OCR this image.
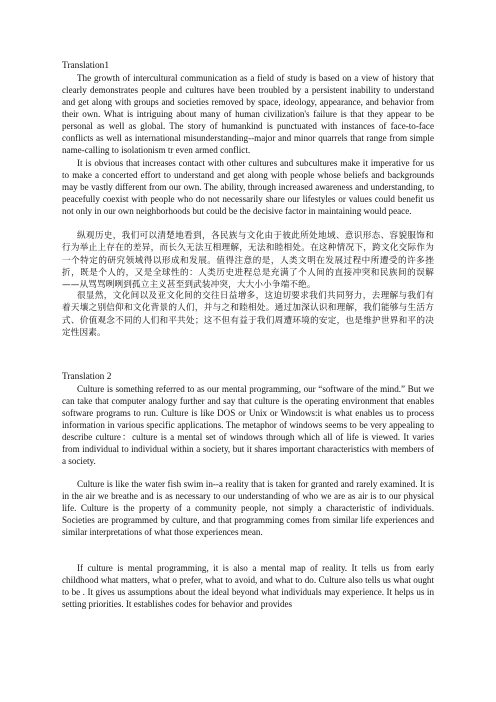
Translation1

The growth of intercultural communication as a field of study is based on a view of history that clearly demonstrates people and cultures have been troubled by a persistent inability to understand and get along with groups and societies removed by space, ideology, appearance, and behavior from their own. What is intriguing about many of human civilization's failure is that they appear to be personal as well as global. The story of humankind is punctuated with instances of face-to-face conflicts as well as international misunderstanding--major and minor quarrels that range from simple name-calling to isolationism tr even armed conflict.

It is obvious that increases contact with other cultures and subcultures make it imperative for us to make a concerted effort to understand and get along with people whose beliefs and backgrounds may be vastly different from our own. The ability, through increased awareness and understanding, to peacefully coexist with people who do not necessarily share our lifestyles or values could benefit us not only in our own neighborhoods but could be the decisive factor in maintaining would peace.

纵观历史，我们可以清楚地看到，各民族与文化由于彼此所处地域、意识形态、容貌服饰和行为举止上存在的差异，而长久无法互相理解，无法和睦相处。在这种情况下，跨文化交际作为一个特定的研究领域得以形成和发展。值得注意的是，人类文明在发展过程中所遭受的许多挫折，既是个人的，又是全球性的：人类历史进程总是充满了个人间的直接冲突和民族间的误解——从骂骂咧咧到孤立主义甚至到武装冲突，大大小小争端不绝。

很显然，文化间以及亚文化间的交往日益增多，这迫切要求我们共同努力，去理解与我们有着天壤之别信仰和文化背景的人们，并与之和睦相处。通过加深认识和理解，我们能够与生活方式、价值观念不同的人们和平共处；这不但有益于我们周遭环境的安定，也是维护世界和平的决定性因素。

Translation 2

Culture is something referred to as our mental programming, our “software of the mind.” But we can take that computer analogy further and say that culture is the operating environment that enables software programs to run. Culture is like DOS or Unix or Windows:it is what enables us to process information in various specific applications. The metaphor of windows seems to be very appealing to describe culture：culture is a mental set of windows through which all of life is viewed. It varies from individual to individual within a society, but it shares important characteristics with members of a society.

Culture is like the water fish swim in--a reality that is taken for granted and rarely examined. It is in the air we breathe and is as necessary to our understanding of who we are as air is to our physical life. Culture is the property of a community people, not simply a characteristic of individuals. Societies are programmed by culture, and that programming comes from similar life experiences and similar interpretations of what those experiences mean.

If culture is mental programming, it is also a mental map of reality. It tells us from early childhood what matters, what o prefer, what to avoid, and what to do. Culture also tells us what ought to be . It gives us assumptions about the ideal beyond what individuals may experience. It helps us in setting priorities. It establishes codes for behavior and provides
